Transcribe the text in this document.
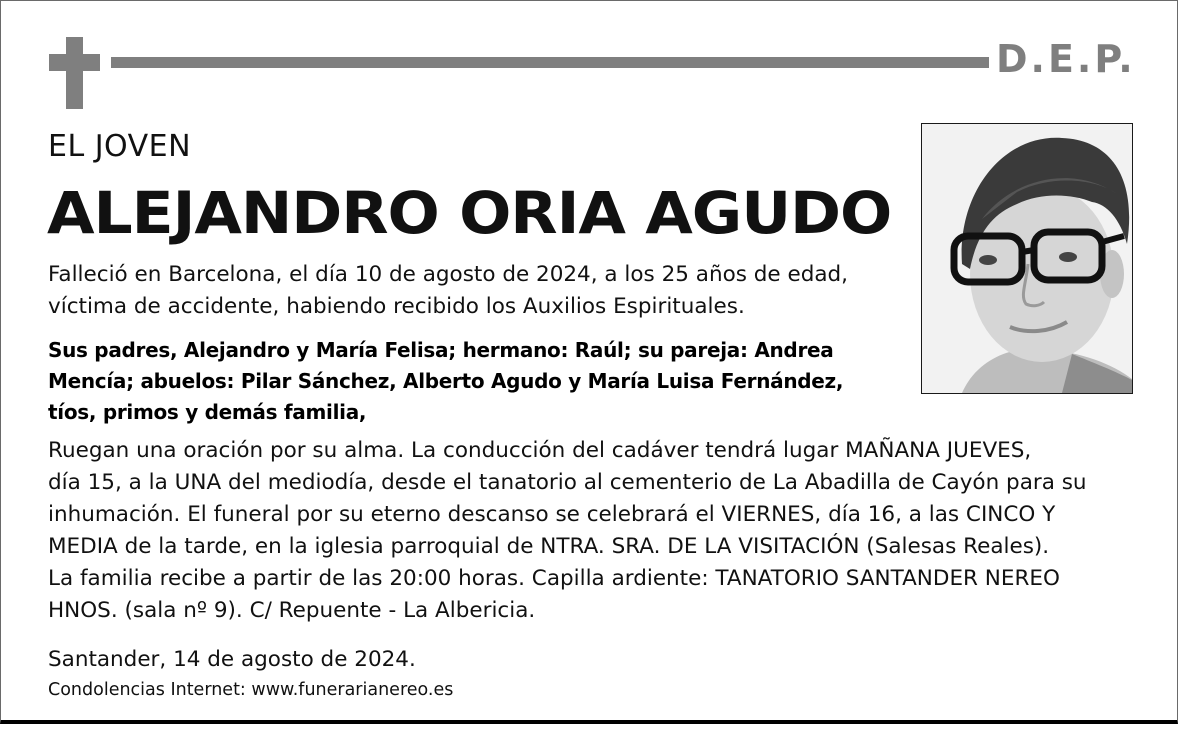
D.E.P.
EL JOVEN
ALEJANDRO ORIA AGUDO
Falleció en Barcelona, el día 10 de agosto de 2024, a los 25 años de edad,
víctima de accidente, habiendo recibido los Auxilios Espirituales.
Sus padres, Alejandro y María Felisa; hermano: Raúl; su pareja: Andrea
Mencía; abuelos: Pilar Sánchez, Alberto Agudo y María Luisa Fernández,
tíos, primos y demás familia,
Ruegan una oración por su alma. La conducción del cadáver tendrá lugar MAÑANA JUEVES,
día 15, a la UNA del mediodía, desde el tanatorio al cementerio de La Abadilla de Cayón para su
inhumación. El funeral por su eterno descanso se celebrará el VIERNES, día 16, a las CINCO Y
MEDIA de la tarde, en la iglesia parroquial de NTRA. SRA. DE LA VISITACIÓN (Salesas Reales).
La familia recibe a partir de las 20:00 horas. Capilla ardiente: TANATORIO SANTANDER NEREO
HNOS. (sala nº 9). C/ Repuente - La Albericia.
Santander, 14 de agosto de 2024.
Condolencias Internet: www.funerarianereo.es
